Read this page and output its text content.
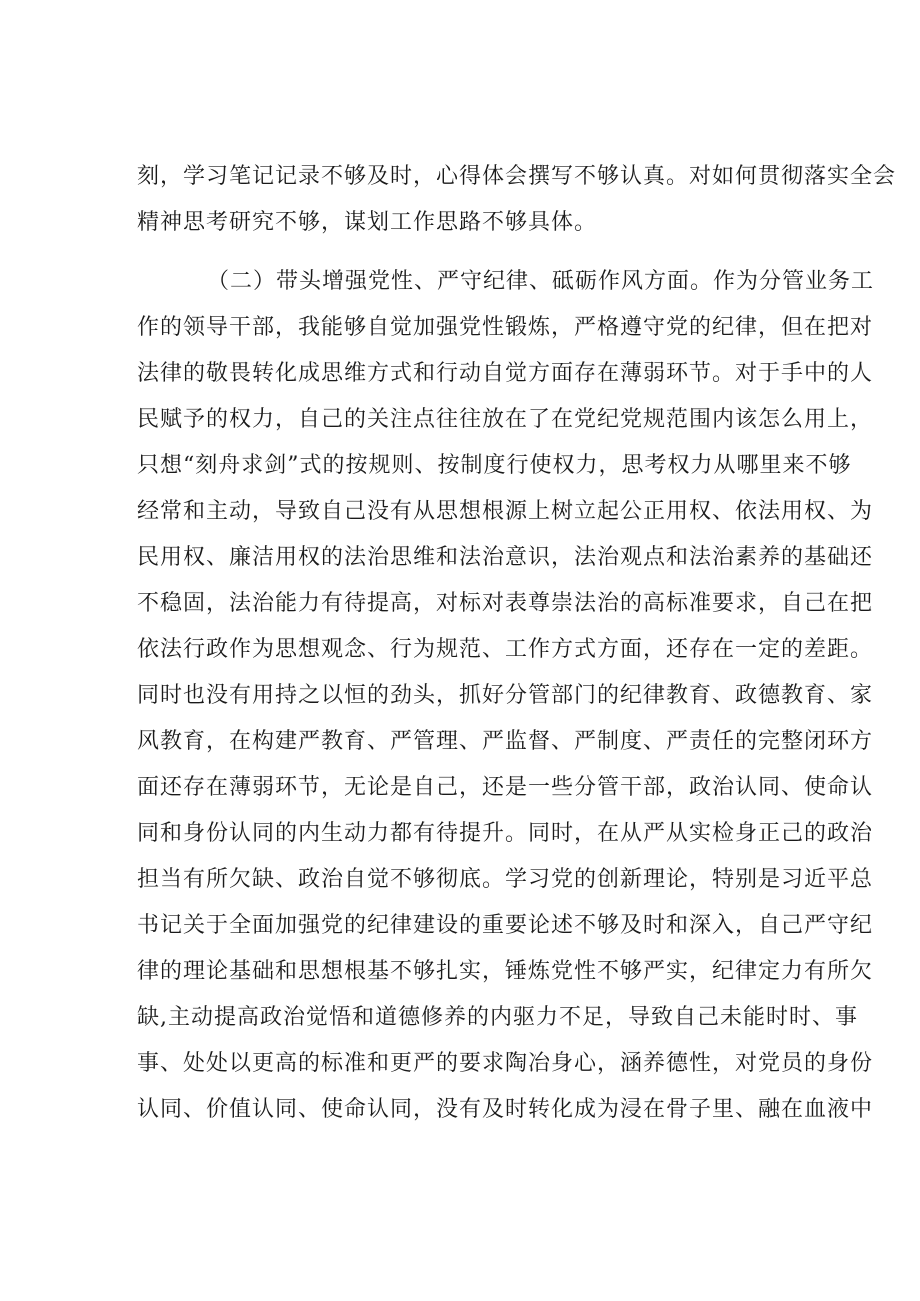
刻，学习笔记记录不够及时，心得体会撰写不够认真。对如何贯彻落实全会
精神思考研究不够，谋划工作思路不够具体。
（二）带头增强党性、严守纪律、砥砺作风方面。作为分管业务工
作的领导干部，我能够自觉加强党性锻炼，严格遵守党的纪律，但在把对
法律的敬畏转化成思维方式和行动自觉方面存在薄弱环节。对于手中的人
民赋予的权力，自己的关注点往往放在了在党纪党规范围内该怎么用上，
只想“刻舟求剑”式的按规则、按制度行使权力，思考权力从哪里来不够
经常和主动，导致自己没有从思想根源上树立起公正用权、依法用权、为
民用权、廉洁用权的法治思维和法治意识，法治观点和法治素养的基础还
不稳固，法治能力有待提高，对标对表尊崇法治的高标准要求，自己在把
依法行政作为思想观念、行为规范、工作方式方面，还存在一定的差距。
同时也没有用持之以恒的劲头，抓好分管部门的纪律教育、政德教育、家
风教育，在构建严教育、严管理、严监督、严制度、严责任的完整闭环方
面还存在薄弱环节，无论是自己，还是一些分管干部，政治认同、使命认
同和身份认同的内生动力都有待提升。同时，在从严从实检身正己的政治
担当有所欠缺、政治自觉不够彻底。学习党的创新理论，特别是习近平总
书记关于全面加强党的纪律建设的重要论述不够及时和深入，自己严守纪
律的理论基础和思想根基不够扎实，锤炼党性不够严实，纪律定力有所欠
缺,主动提高政治觉悟和道德修养的内驱力不足，导致自己未能时时、事
事、处处以更高的标准和更严的要求陶冶身心，涵养德性，对党员的身份
认同、价值认同、使命认同，没有及时转化成为浸在骨子里、融在血液中
